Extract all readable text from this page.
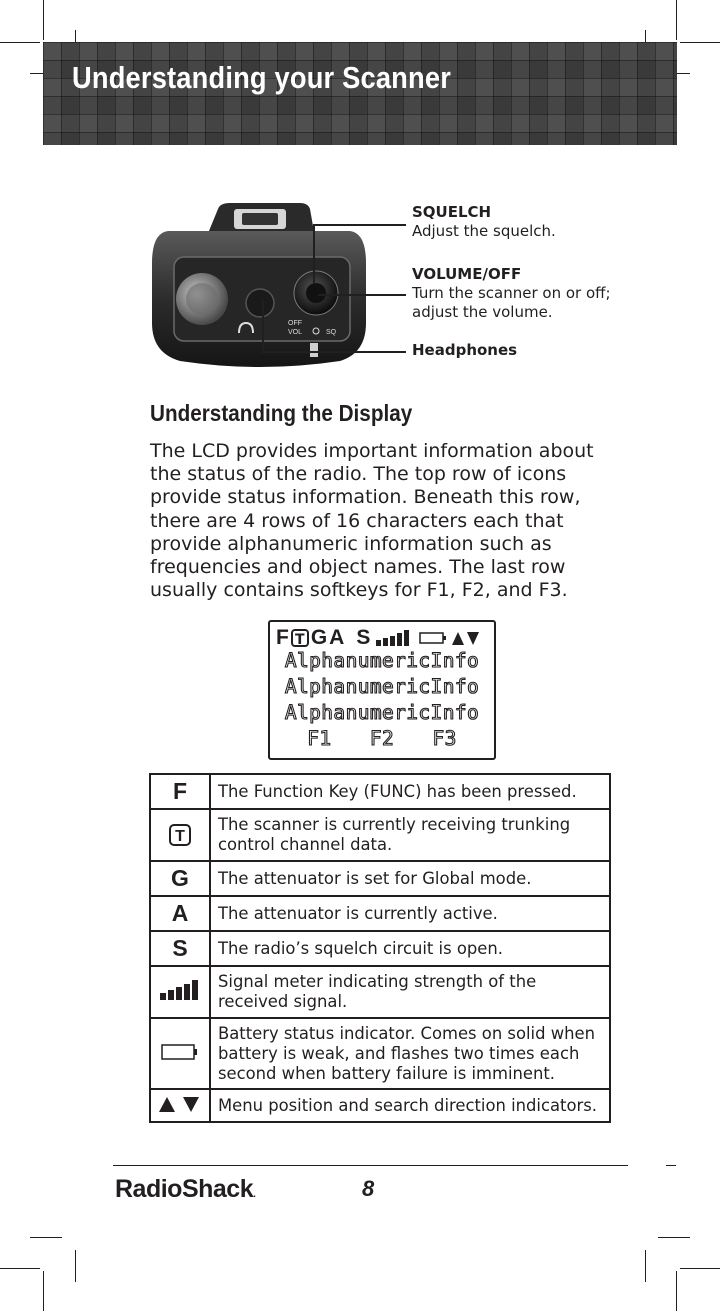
Understanding your Scanner
OFF
VOL	SQ
SQUELCH
Adjust the squelch.
VOLUME/OFF
Turn the scanner on or off;
adjust the volume.
Headphones
Understanding the Display

The LCD provides important information about
the status of the radio. The top row of icons
provide status information. Beneath this row,
there are 4 rows of 16 characters each that
provide alphanumeric information such as
frequencies and object names. The last row
usually contains softkeys for F1, F2, and F3.

F T G A S
AlphanumericInfo
AlphanumericInfo
AlphanumericInfo
F1 F2 F3
F	The Function Key (FUNC) has been pressed.
T	The scanner is currently receiving trunking
control channel data.
G	The attenuator is set for Global mode.
A	The attenuator is currently active.
S	The radio’s squelch circuit is open.
	Signal meter indicating strength of the
received signal.
	Battery status indicator. Comes on solid when
battery is weak, and flashes two times each
second when battery failure is imminent.
	Menu position and search direction indicators.

RadioShack.	8
